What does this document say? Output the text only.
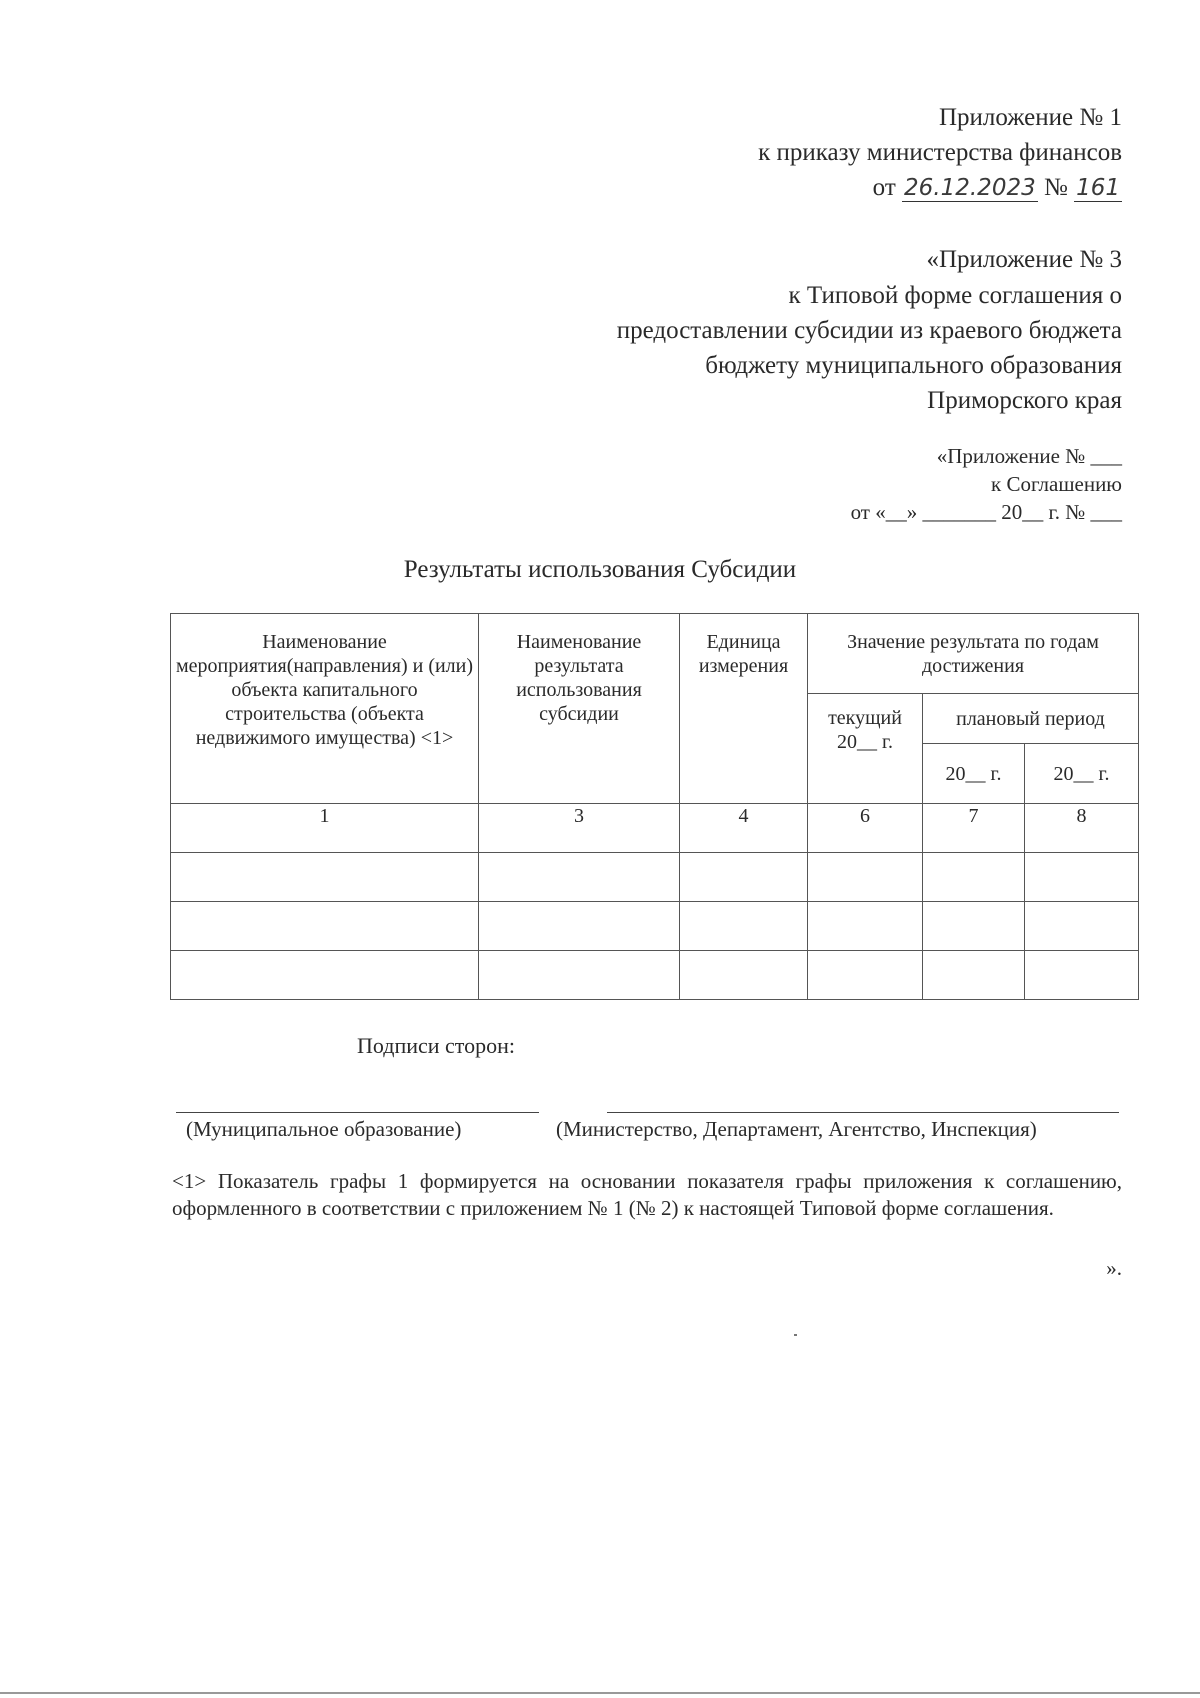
Приложение № 1
к приказу министерства финансов
от 26.12.2023 № 161
«Приложение № 3
к Типовой форме соглашения о
предоставлении субсидии из краевого бюджета
бюджету муниципального образования
Приморского края
«Приложение № ___
к Соглашению
от «__» _______ 20__ г. № ___
Результаты использования Субсидии
Наименование мероприятия(направления) и (или) объекта капитального строительства (объекта недвижимого имущества) <1>	Наименование результата использования субсидии	Единица измерения	Значение результата по годам достижения		
			текущий 20__ г.	плановый период	
				20__ г.	20__ г.
1	3	4	6	7	8

Подписи сторон:
(Муниципальное образование)	(Министерство, Департамент, Агентство, Инспекция)
<1> Показатель графы 1 формируется на основании показателя графы приложения к соглашению, оформленного в соответствии с приложением № 1 (№ 2) к настоящей Типовой форме соглашения.
».
